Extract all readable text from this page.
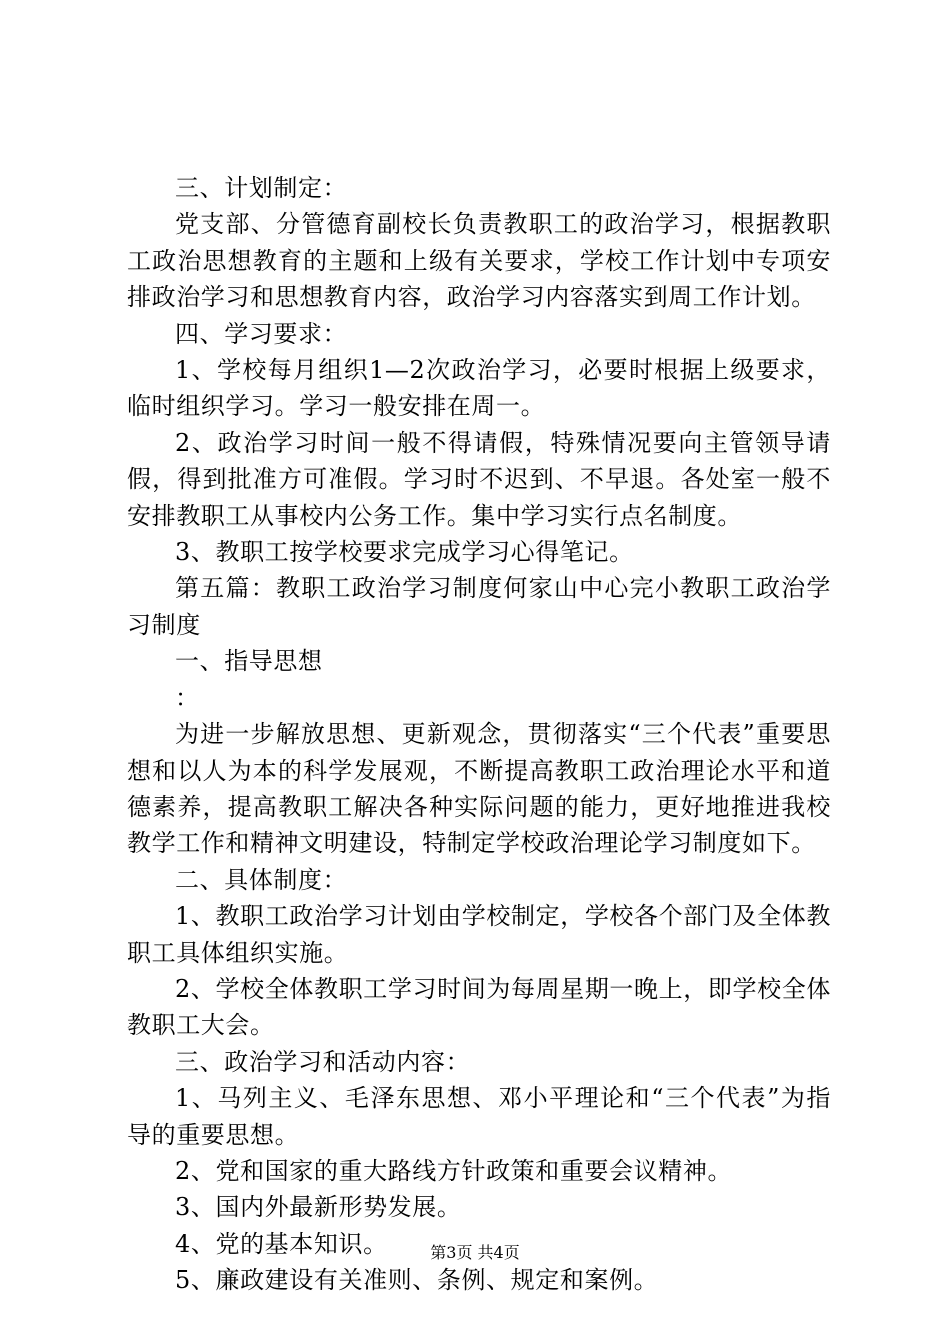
三、计划制定：

党支部、分管德育副校长负责教职工的政治学习，根据教职工政治思想教育的主题和上级有关要求，学校工作计划中专项安排政治学习和思想教育内容，政治学习内容落实到周工作计划。

四、学习要求：

1、学校每月组织1—2次政治学习，必要时根据上级要求，临时组织学习。学习一般安排在周一。

2、政治学习时间一般不得请假，特殊情况要向主管领导请假，得到批准方可准假。学习时不迟到、不早退。各处室一般不安排教职工从事校内公务工作。集中学习实行点名制度。

3、教职工按学校要求完成学习心得笔记。

第五篇：教职工政治学习制度何家山中心完小教职工政治学习制度

一、指导思想

：

为进一步解放思想、更新观念，贯彻落实“三个代表”重要思想和以人为本的科学发展观，不断提高教职工政治理论水平和道德素养，提高教职工解决各种实际问题的能力，更好地推进我校教学工作和精神文明建设，特制定学校政治理论学习制度如下。

二、具体制度：

1、教职工政治学习计划由学校制定，学校各个部门及全体教职工具体组织实施。

2、学校全体教职工学习时间为每周星期一晚上，即学校全体教职工大会。

三、政治学习和活动内容：

1、马列主义、毛泽东思想、邓小平理论和“三个代表”为指导的重要思想。

2、党和国家的重大路线方针政策和重要会议精神。

3、国内外最新形势发展。

4、党的基本知识。

5、廉政建设有关准则、条例、规定和案例。

第3页 共4页
